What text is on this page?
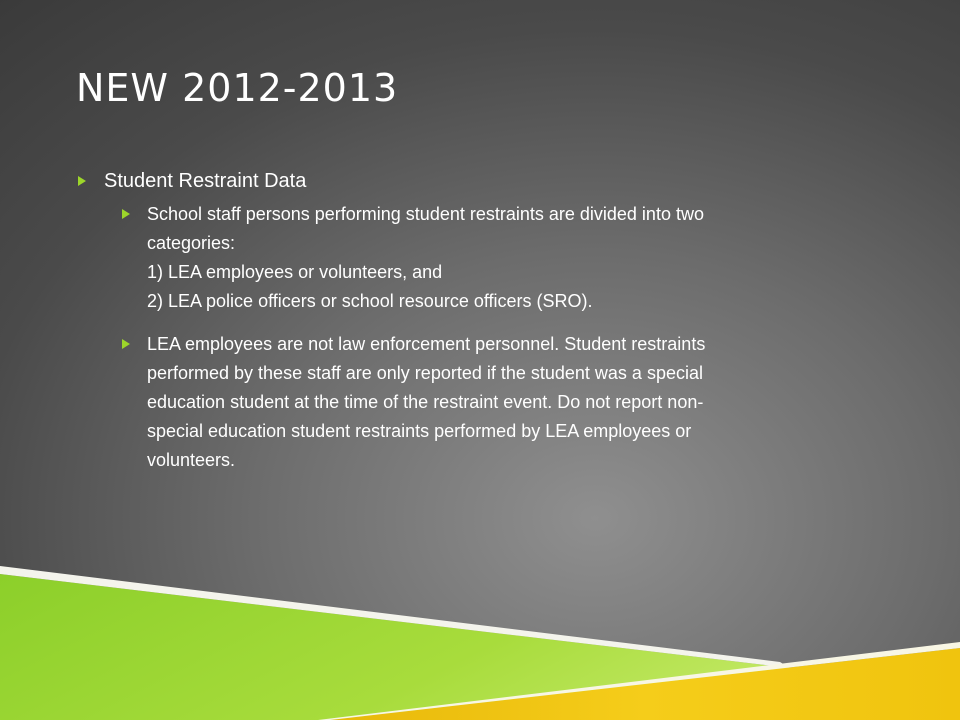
NEW 2012-2013
Student Restraint Data
School staff persons performing student restraints are divided into two
categories:
1) LEA employees or volunteers, and
2) LEA police officers or school resource officers (SRO).
LEA employees are not law enforcement personnel. Student restraints
performed by these staff are only reported if the student was a special
education student at the time of the restraint event. Do not report non-
special education student restraints performed by LEA employees or
volunteers.
